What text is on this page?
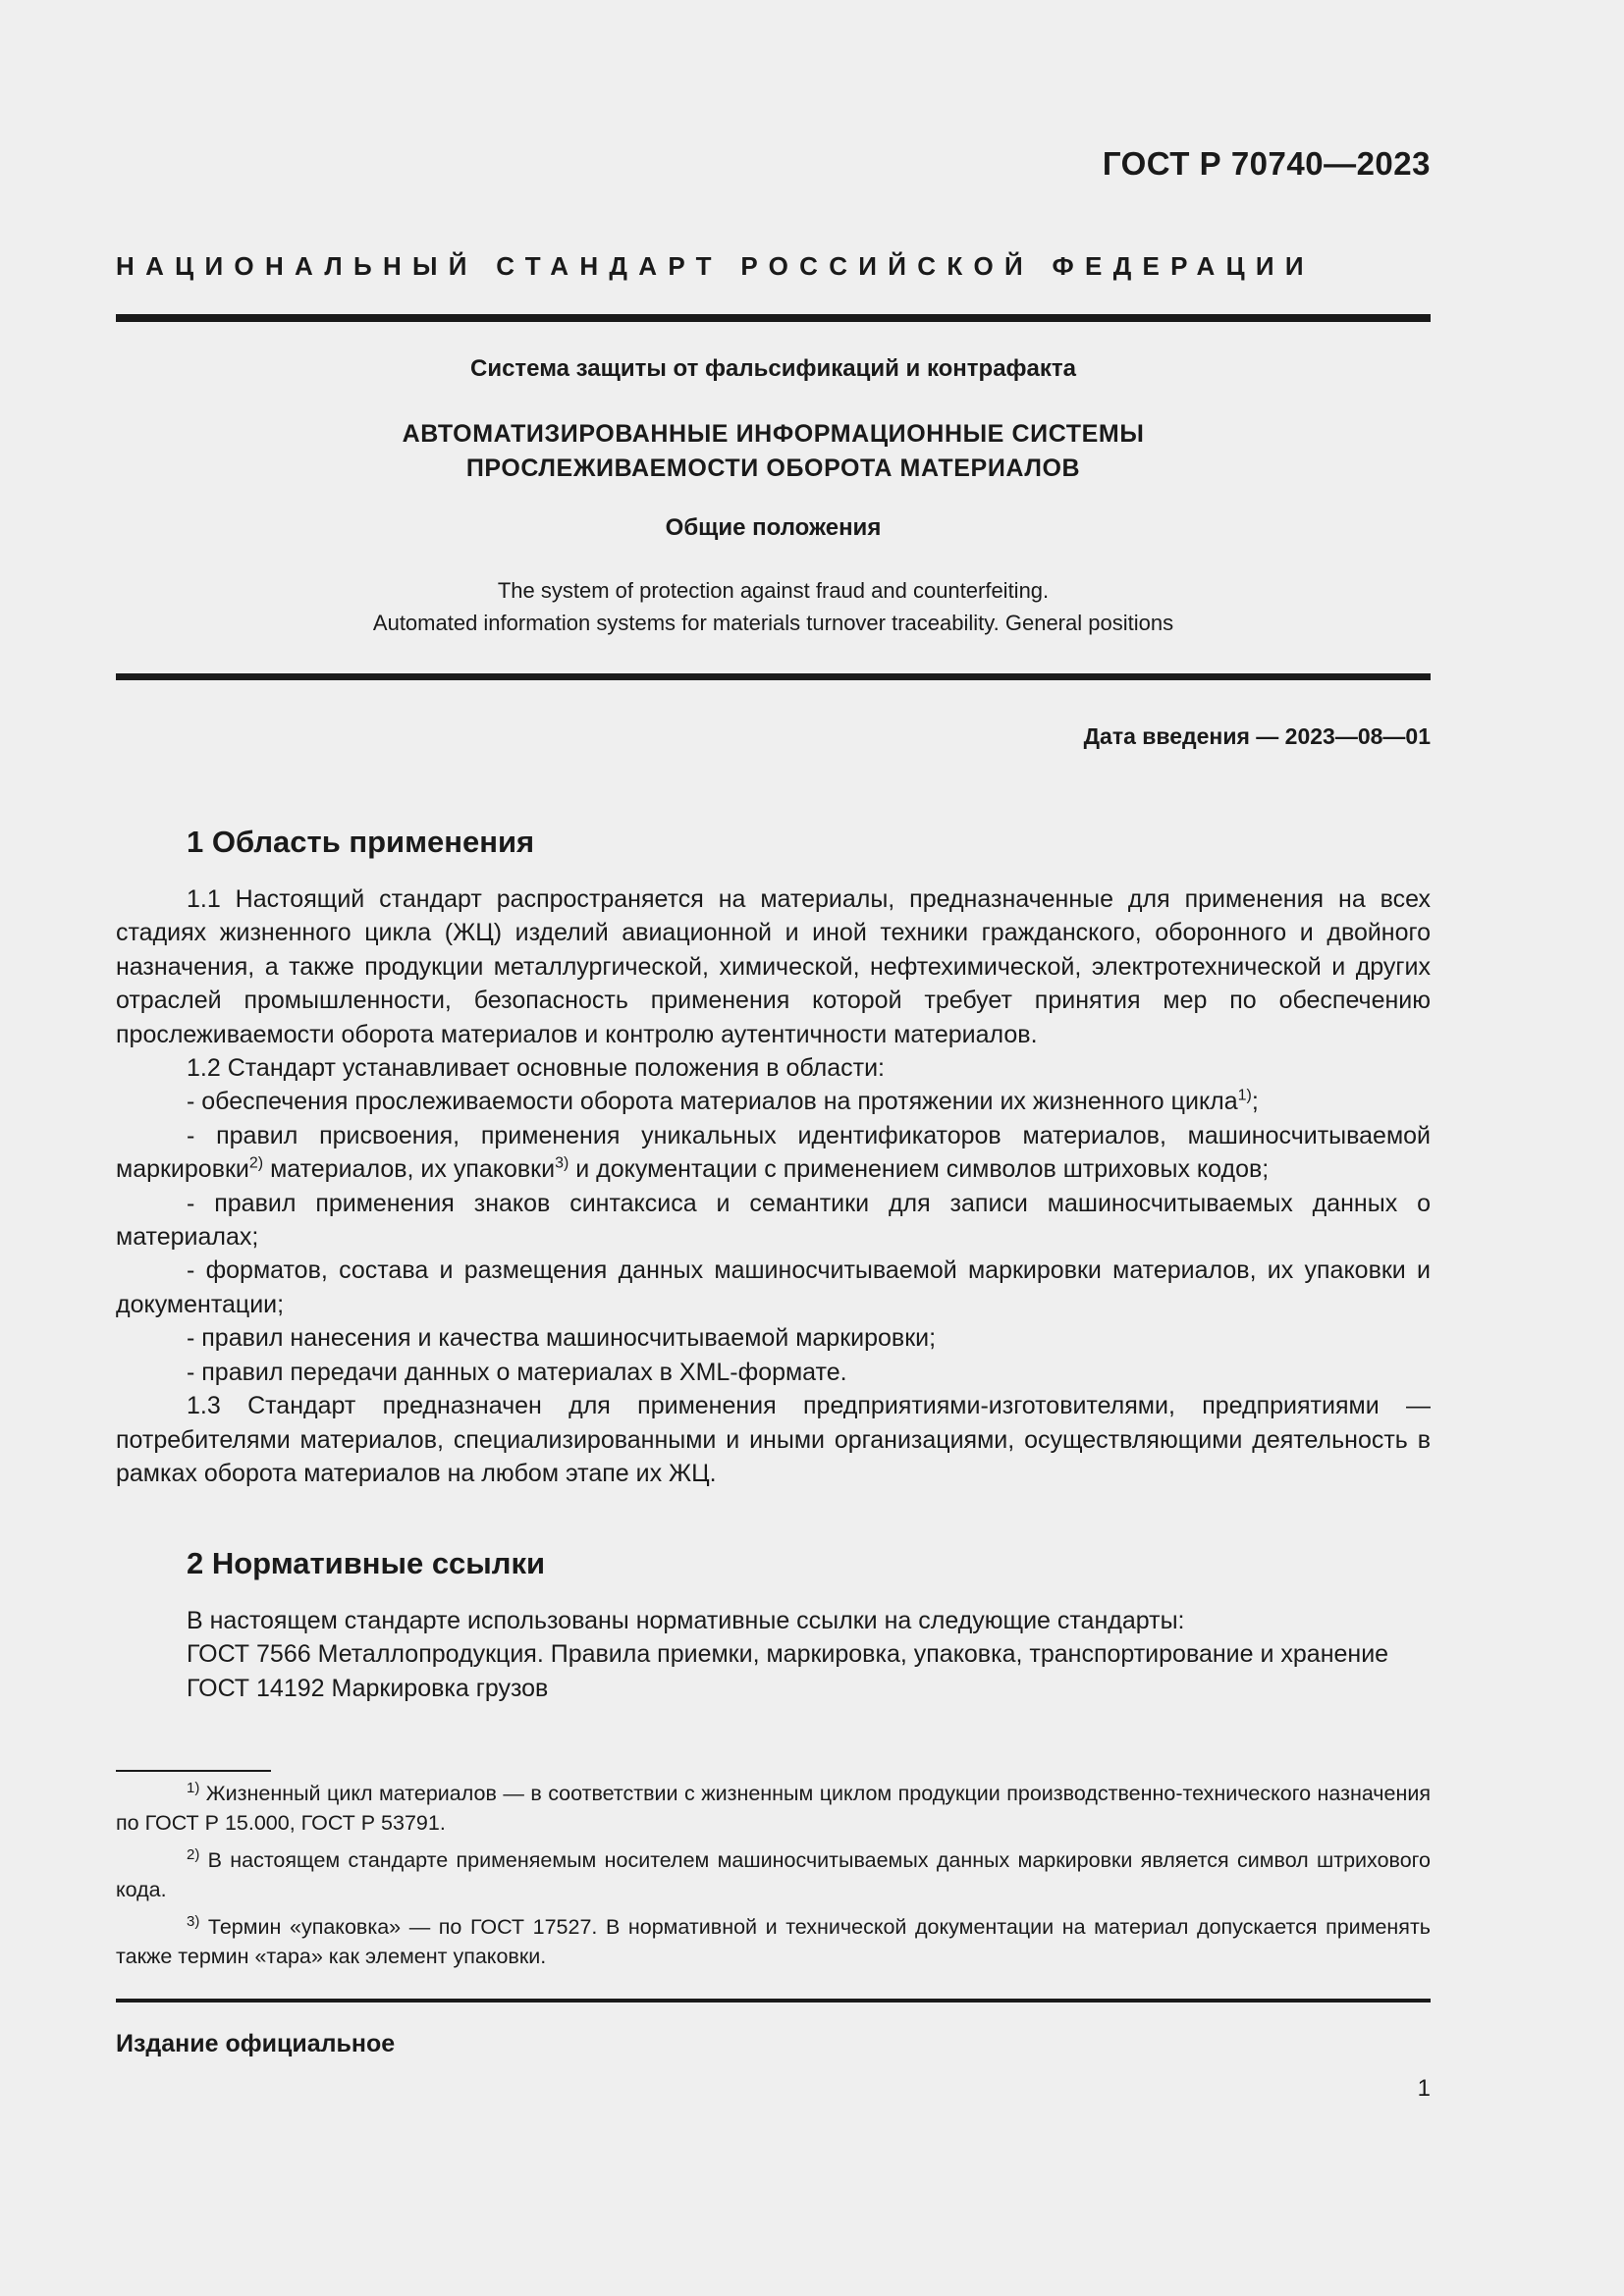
ГОСТ Р 70740—2023
НАЦИОНАЛЬНЫЙ СТАНДАРТ РОССИЙСКОЙ ФЕДЕРАЦИИ
Система защиты от фальсификаций и контрафакта
АВТОМАТИЗИРОВАННЫЕ ИНФОРМАЦИОННЫЕ СИСТЕМЫ
ПРОСЛЕЖИВАЕМОСТИ ОБОРОТА МАТЕРИАЛОВ
Общие положения
The system of protection against fraud and counterfeiting.
Automated information systems for materials turnover traceability. General positions
Дата введения — 2023—08—01
1 Область применения

1.1 Настоящий стандарт распространяется на материалы, предназначенные для применения на всех стадиях жизненного цикла (ЖЦ) изделий авиационной и иной техники гражданского, оборонного и двойного назначения, а также продукции металлургической, химической, нефтехимической, электротехнической и других отраслей промышленности, безопасность применения которой требует принятия мер по обеспечению прослеживаемости оборота материалов и контролю аутентичности материалов.

1.2 Стандарт устанавливает основные положения в области:

- обеспечения прослеживаемости оборота материалов на протяжении их жизненного цикла$^{1)}$;

- правил присвоения, применения уникальных идентификаторов материалов, машиносчитываемой маркировки$^{2)}$ материалов, их упаковки$^{3)}$ и документации с применением символов штриховых кодов;

- правил применения знаков синтаксиса и семантики для записи машиносчитываемых данных о материалах;

- форматов, состава и размещения данных машиносчитываемой маркировки материалов, их упаковки и документации;

- правил нанесения и качества машиносчитываемой маркировки;

- правил передачи данных о материалах в XML-формате.

1.3 Стандарт предназначен для применения предприятиями-изготовителями, предприятиями — потребителями материалов, специализированными и иными организациями, осуществляющими деятельность в рамках оборота материалов на любом этапе их ЖЦ.

2 Нормативные ссылки

В настоящем стандарте использованы нормативные ссылки на следующие стандарты:

ГОСТ 7566 Металлопродукция. Правила приемки, маркировка, упаковка, транспортирование и хранение

ГОСТ 14192 Маркировка грузов

$^{1)}$ Жизненный цикл материалов — в соответствии с жизненным циклом продукции производственно-технического назначения по ГОСТ Р 15.000, ГОСТ Р 53791.

$^{2)}$ В настоящем стандарте применяемым носителем машиносчитываемых данных маркировки является символ штрихового кода.

$^{3)}$ Термин «упаковка» — по ГОСТ 17527. В нормативной и технической документации на материал допускается применять также термин «тара» как элемент упаковки.

Издание официальное
1
